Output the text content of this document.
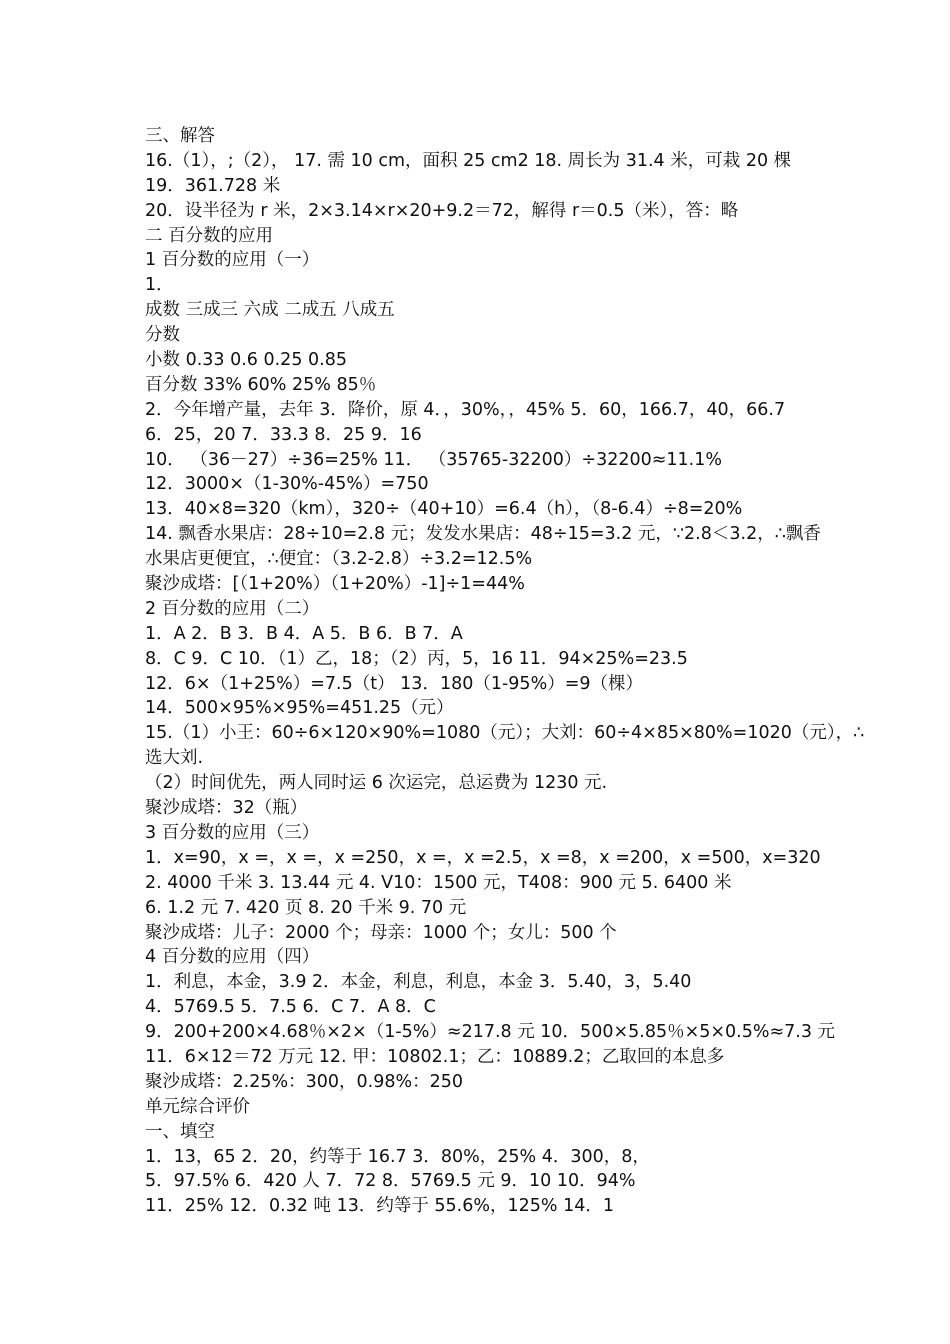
三、解答
16.（1），;（2）， 17. 需 10 cm，面积 25 cm2 18. 周长为 31.4 米，可栽 20 棵
19．361.728 米
20．设半径为 r 米，2×3.14×r×20+9.2＝72，解得 r＝0.5（米），答：略
二 百分数的应用
1 百分数的应用（一）
1．
成数 三成三 六成 二成五 八成五
分数
小数 0.33 0.6 0.25 0.85
百分数 33% 60% 25% 85％
2．今年增产量，去年 3．降价，原 4．，30%，，45% 5．60，166.7，40，66.7
6．25，20 7．33.3 8．25 9．16
10． （36－27）÷36=25% 11． （35765-32200）÷32200≈11.1%
12．3000×（1-30%-45%）=750
13．40×8=320（km），320÷（40+10）=6.4（h），（8-6.4）÷8=20%
14. 飘香水果店：28÷10=2.8 元；发发水果店：48÷15=3.2 元，∵2.8＜3.2，∴飘香
水果店更便宜，∴便宜：（3.2-2.8）÷3.2=12.5%
聚沙成塔：[（1+20%）（1+20%）-1]÷1=44%
2 百分数的应用（二）
1．A 2．B 3．B 4．A 5．B 6．B 7．A
8．C 9．C 10．（1）乙，18；（2）丙，5，16 11．94×25%=23.5
12．6×（1+25%）=7.5（t） 13．180（1-95%）=9（棵）
14．500×95%×95%=451.25（元）
15.（1）小王：60÷6×120×90%=1080（元）；大刘：60÷4×85×80%=1020（元），∴
选大刘.
（2）时间优先，两人同时运 6 次运完，总运费为 1230 元.
聚沙成塔：32（瓶）
3 百分数的应用（三）
1．x=90，x =，x =，x =250，x =，x =2.5，x =8，x =200，x =500，x=320
2. 4000 千米 3. 13.44 元 4. V10：1500 元，T408：900 元 5. 6400 米
6. 1.2 元 7. 420 页 8. 20 千米 9. 70 元
聚沙成塔：儿子：2000 个；母亲：1000 个；女儿：500 个
4 百分数的应用（四）
1．利息，本金，3.9 2．本金，利息，利息，本金 3．5.40，3，5.40
4．5769.5 5．7.5 6．C 7．A 8．C
9．200+200×4.68％×2×（1-5%）≈217.8 元 10．500×5.85％×5×0.5%≈7.3 元
11．6×12＝72 万元 12. 甲：10802.1；乙：10889.2；乙取回的本息多
聚沙成塔：2.25%：300，0.98%：250
单元综合评价
一、填空
1．13，65 2．20，约等于 16.7 3．80%，25% 4．300，8，
5．97.5% 6．420 人 7．72 8．5769.5 元 9．10 10．94%
11．25% 12．0.32 吨 13．约等于 55.6%，125% 14．1
